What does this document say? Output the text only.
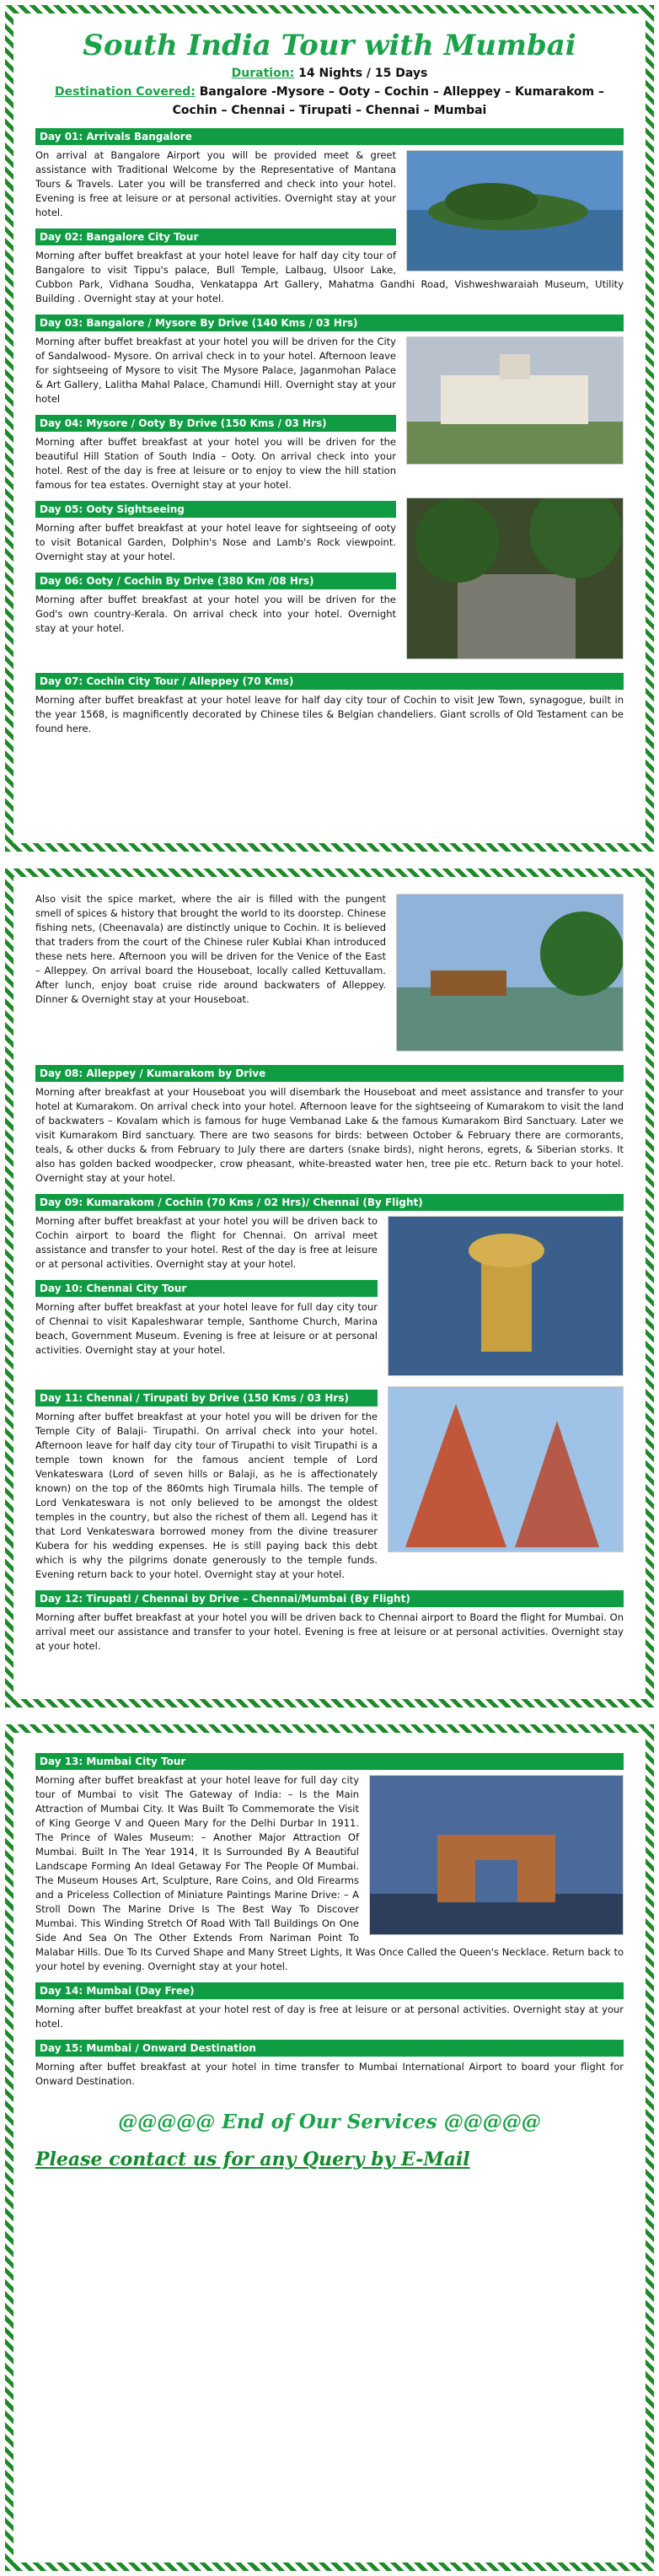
South India Tour with Mumbai
Duration: 14 Nights / 15 Days
Destination Covered: Bangalore -Mysore – Ooty – Cochin – Alleppey – Kumarakom – Cochin – Chennai – Tirupati – Chennai – Mumbai
Day 01: Arrivals Bangalore
On arrival at Bangalore Airport you will be provided meet & greet assistance with Traditional Welcome by the Representative of Mantana Tours & Travels. Later you will be transferred and check into your hotel. Evening is free at leisure or at personal activities. Overnight stay at your hotel.
Day 02: Bangalore City Tour
Morning after buffet breakfast at your hotel leave for half day city tour of Bangalore to visit Tippu's palace, Bull Temple, Lalbaug, Ulsoor Lake, Cubbon Park, Vidhana Soudha, Venkatappa Art Gallery, Mahatma Gandhi Road, Vishweshwaraiah Museum, Utility Building . Overnight stay at your hotel.
Day 03: Bangalore / Mysore By Drive (140 Kms / 03 Hrs)
Morning after buffet breakfast at your hotel you will be driven for the City of Sandalwood- Mysore. On arrival check in to your hotel. Afternoon leave for sightseeing of Mysore to visit The Mysore Palace, Jaganmohan Palace & Art Gallery, Lalitha Mahal Palace, Chamundi Hill. Overnight stay at your hotel
Day 04: Mysore / Ooty By Drive (150 Kms / 03 Hrs)
Morning after buffet breakfast at your hotel you will be driven for the beautiful Hill Station of South India – Ooty. On arrival check into your hotel. Rest of the day is free at leisure or to enjoy to view the hill station famous for tea estates. Overnight stay at your hotel.
Day 05: Ooty Sightseeing
Morning after buffet breakfast at your hotel leave for sightseeing of ooty to visit Botanical Garden, Dolphin's Nose and Lamb's Rock viewpoint. Overnight stay at your hotel.
Day 06: Ooty / Cochin By Drive (380 Km /08 Hrs)
Morning after buffet breakfast at your hotel you will be driven for the God's own country-Kerala. On arrival check into your hotel. Overnight stay at your hotel.
Day 07: Cochin City Tour / Alleppey (70 Kms)
Morning after buffet breakfast at your hotel leave for half day city tour of Cochin to visit Jew Town, synagogue, built in the year 1568, is magnificently decorated by Chinese tiles & Belgian chandeliers. Giant scrolls of Old Testament can be found here.
Also visit the spice market, where the air is filled with the pungent smell of spices & history that brought the world to its doorstep. Chinese fishing nets, (Cheenavala) are distinctly unique to Cochin. It is believed that traders from the court of the Chinese ruler Kublai Khan introduced these nets here. Afternoon you will be driven for the Venice of the East – Alleppey. On arrival board the Houseboat, locally called Kettuvallam. After lunch, enjoy boat cruise ride around backwaters of Alleppey. Dinner & Overnight stay at your Houseboat.
Day 08: Alleppey / Kumarakom by Drive
Morning after breakfast at your Houseboat you will disembark the Houseboat and meet assistance and transfer to your hotel at Kumarakom. On arrival check into your hotel. Afternoon leave for the sightseeing of Kumarakom to visit the land of backwaters – Kovalam which is famous for huge Vembanad Lake & the famous Kumarakom Bird Sanctuary. Later we visit Kumarakom Bird sanctuary. There are two seasons for birds: between October & February there are cormorants, teals, & other ducks & from February to July there are darters (snake birds), night herons, egrets, & Siberian storks. It also has golden backed woodpecker, crow pheasant, white-breasted water hen, tree pie etc. Return back to your hotel. Overnight stay at your hotel.
Day 09: Kumarakom / Cochin (70 Kms / 02 Hrs)/ Chennai (By Flight)
Morning after buffet breakfast at your hotel you will be driven back to Cochin airport to board the flight for Chennai. On arrival meet assistance and transfer to your hotel. Rest of the day is free at leisure or at personal activities. Overnight stay at your hotel.
Day 10: Chennai City Tour
Morning after buffet breakfast at your hotel leave for full day city tour of Chennai to visit Kapaleshwarar temple, Santhome Church, Marina beach, Government Museum. Evening is free at leisure or at personal activities. Overnight stay at your hotel.
Day 11: Chennai / Tirupati by Drive (150 Kms / 03 Hrs)
Morning after buffet breakfast at your hotel you will be driven for the Temple City of Balaji- Tirupathi. On arrival check into your hotel. Afternoon leave for half day city tour of Tirupathi to visit Tirupathi is a temple town known for the famous ancient temple of Lord Venkateswara (Lord of seven hills or Balaji, as he is affectionately known) on the top of the 860mts high Tirumala hills. The temple of Lord Venkateswara is not only believed to be amongst the oldest temples in the country, but also the richest of them all. Legend has it that Lord Venkateswara borrowed money from the divine treasurer Kubera for his wedding expenses. He is still paying back this debt which is why the pilgrims donate generously to the temple funds. Evening return back to your hotel. Overnight stay at your hotel.
Day 12: Tirupati / Chennai by Drive – Chennai/Mumbai (By Flight)
Morning after buffet breakfast at your hotel you will be driven back to Chennai airport to Board the flight for Mumbai. On arrival meet our assistance and transfer to your hotel. Evening is free at leisure or at personal activities. Overnight stay at your hotel.
Day 13: Mumbai City Tour
Morning after buffet breakfast at your hotel leave for full day city tour of Mumbai to visit The Gateway of India: – Is the Main Attraction of Mumbai City. It Was Built To Commemorate the Visit of King George V and Queen Mary for the Delhi Durbar In 1911. The Prince of Wales Museum: – Another Major Attraction Of Mumbai. Built In The Year 1914, It Is Surrounded By A Beautiful Landscape Forming An Ideal Getaway For The People Of Mumbai. The Museum Houses Art, Sculpture, Rare Coins, and Old Firearms and a Priceless Collection of Miniature Paintings Marine Drive: – A Stroll Down The Marine Drive Is The Best Way To Discover Mumbai. This Winding Stretch Of Road With Tall Buildings On One Side And Sea On The Other Extends From Nariman Point To Malabar Hills. Due To Its Curved Shape and Many Street Lights, It Was Once Called the Queen's Necklace. Return back to your hotel by evening. Overnight stay at your hotel.
Day 14: Mumbai (Day Free)
Morning after buffet breakfast at your hotel rest of day is free at leisure or at personal activities. Overnight stay at your hotel.
Day 15: Mumbai / Onward Destination
Morning after buffet breakfast at your hotel in time transfer to Mumbai International Airport to board your flight for Onward Destination.
@@@@@ End of Our Services @@@@@
Please contact us for any Query by E-Mail
